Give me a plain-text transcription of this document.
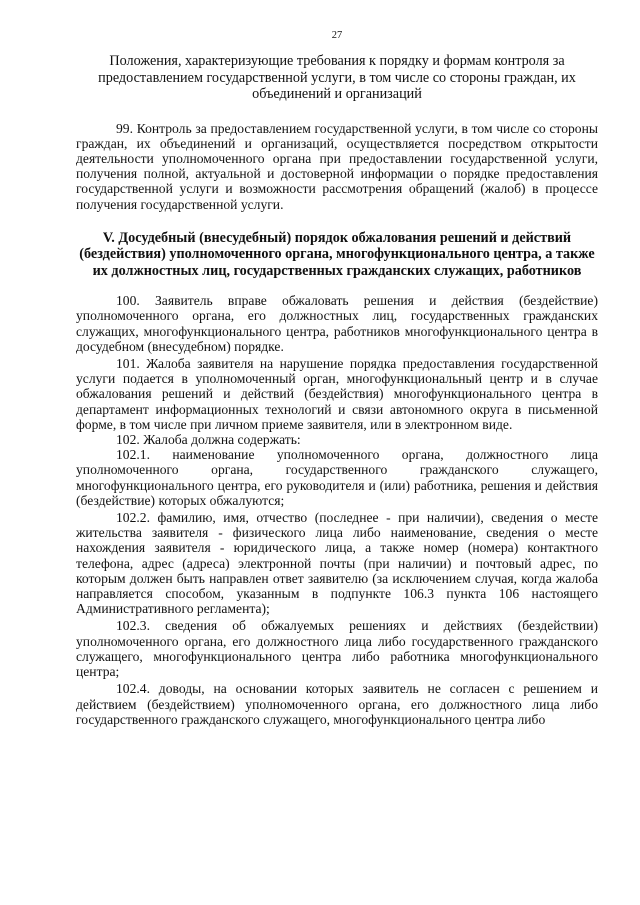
27
Положения, характеризующие требования к порядку и формам контроля за предоставлением государственной услуги, в том числе со стороны граждан, их объединений и организаций

99. Контроль за предоставлением государственной услуги, в том числе со стороны граждан, их объединений и организаций, осуществляется посредством открытости деятельности уполномоченного органа при предоставлении государственной услуги, получения полной, актуальной и достоверной информации о порядке предоставления государственной услуги и возможности рассмотрения обращений (жалоб) в процессе получения государственной услуги.

V. Досудебный (внесудебный) порядок обжалования решений и действий (бездействия) уполномоченного органа, многофункционального центра, а также их должностных лиц, государственных гражданских служащих, работников

100. Заявитель вправе обжаловать решения и действия (бездействие) уполномоченного органа, его должностных лиц, государственных гражданских служащих, многофункционального центра, работников многофункционального центра в досудебном (внесудебном) порядке.

101. Жалоба заявителя на нарушение порядка предоставления государственной услуги подается в уполномоченный орган, многофункциональный центр и в случае обжалования решений и действий (бездействия) многофункционального центра в департамент информационных технологий и связи автономного округа в письменной форме, в том числе при личном приеме заявителя, или в электронном виде.

102. Жалоба должна содержать:

102.1. наименование уполномоченного органа, должностного лица уполномоченного органа, государственного гражданского служащего, многофункционального центра, его руководителя и (или) работника, решения и действия (бездействие) которых обжалуются;

102.2. фамилию, имя, отчество (последнее - при наличии), сведения о месте жительства заявителя - физического лица либо наименование, сведения о месте нахождения заявителя - юридического лица, а также номер (номера) контактного телефона, адрес (адреса) электронной почты (при наличии) и почтовый адрес, по которым должен быть направлен ответ заявителю (за исключением случая, когда жалоба направляется способом, указанным в подпункте 106.3 пункта 106 настоящего Административного регламента);

102.3. сведения об обжалуемых решениях и действиях (бездействии) уполномоченного органа, его должностного лица либо государственного гражданского служащего, многофункционального центра либо работника многофункционального центра;

102.4. доводы, на основании которых заявитель не согласен с решением и действием (бездействием) уполномоченного органа, его должностного лица либо государственного гражданского служащего, многофункционального центра либо
